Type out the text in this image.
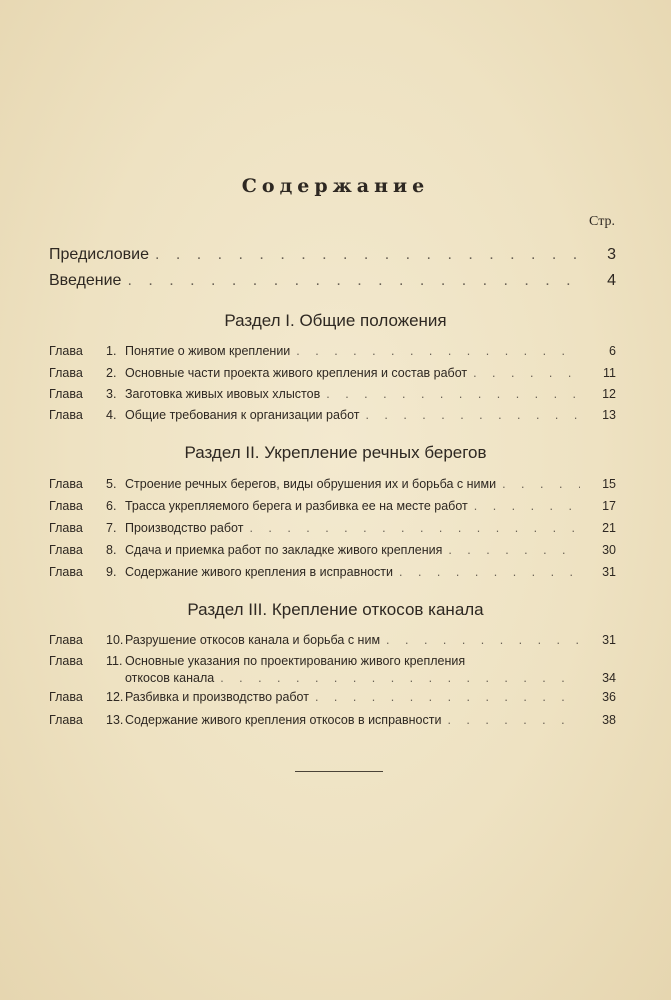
Содержание
Стр.
Предисловие . . .	3
Введение . . .	4
Раздел I. Общие положения
Глава	1. Понятие о живом креплении . . .	6
Глава	2. Основные части проекта живого крепления и состав работ . . .	11
Глава	3. Заготовка живых ивовых хлыстов . . .	12
Глава	4. Общие требования к организации работ . . .	13
Раздел II. Укрепление речных берегов
Глава	5. Строение речных берегов, виды обрушения их и борьба с ними . . .	15
Глава	6. Трасса укрепляемого берега и разбивка ее на месте работ . . .	17
Глава	7. Производство работ . . .	21
Глава	8. Сдача и приемка работ по закладке живого крепления . . .	30
Глава	9. Содержание живого крепления в исправности . . .	31
Раздел III. Крепление откосов канала
Глава	10. Разрушение откосов канала и борьба с ним . . .	31
Глава	11. Основные указания по проектированию живого крепления
откосов канала . . .	34
Глава	12. Разбивка и производство работ . . .	36
Глава	13. Содержание живого крепления откосов в исправности . . .	38
